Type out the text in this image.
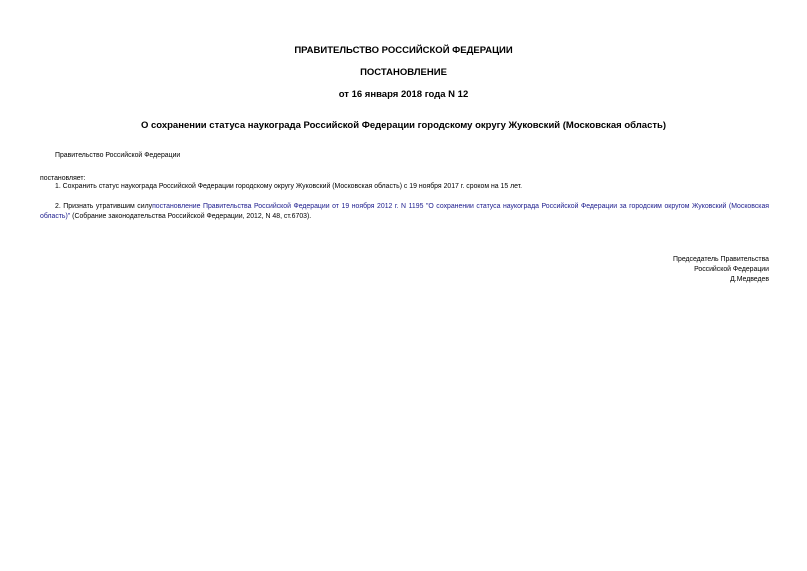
ПРАВИТЕЛЬСТВО РОССИЙСКОЙ ФЕДЕРАЦИИ
ПОСТАНОВЛЕНИЕ
от 16 января 2018 года N 12
О сохранении статуса наукограда Российской Федерации городскому округу Жуковский (Московская область)
Правительство Российской Федерации
постановляет:
1. Сохранить статус наукограда Российской Федерации городскому округу Жуковский (Московская область) с 19 ноября 2017 г. сроком на 15 лет.
2. Признать утратившим силупостановление Правительства Российской Федерации от 19 ноября 2012 г. N 1195 "О сохранении статуса наукограда Российской Федерации за городским округом Жуковский (Московская область)" (Собрание законодательства Российской Федерации, 2012, N 48, ст.6703).
Председатель Правительства
Российской Федерации
Д.Медведев
